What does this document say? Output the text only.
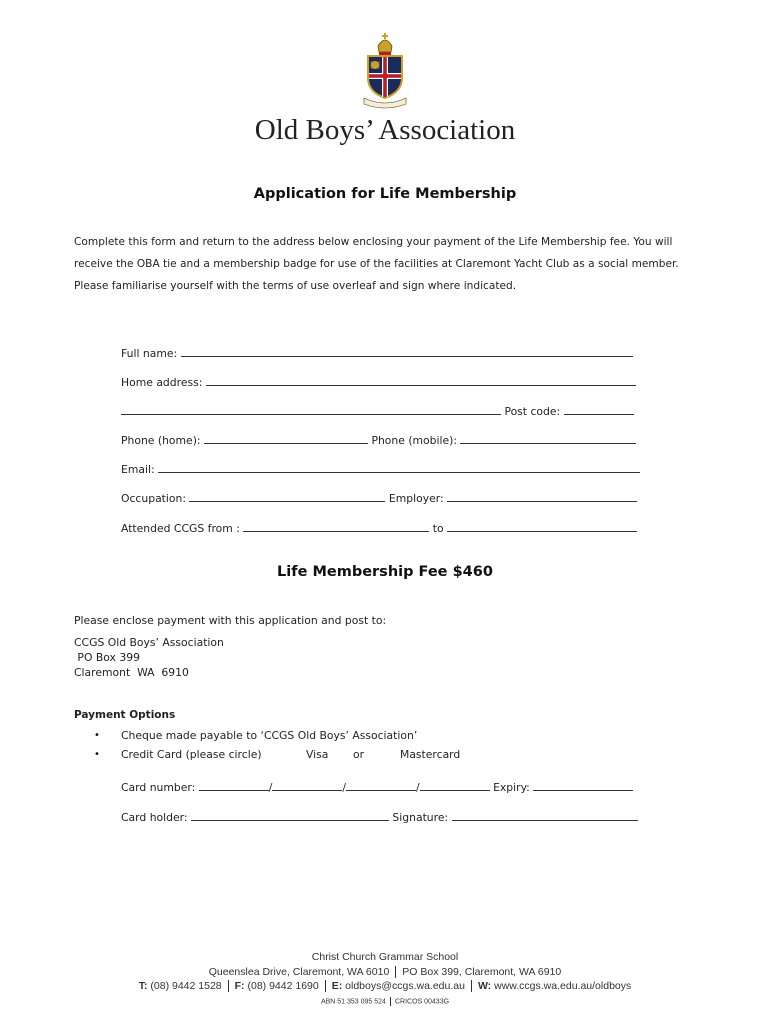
Old Boys’ Association
Application for Life Membership
Complete this form and return to the address below enclosing your payment of the Life Membership fee. You will
receive the OBA tie and a membership badge for use of the facilities at Claremont Yacht Club as a social member.
Please familiarise yourself with the terms of use overleaf and sign where indicated.
Full name:
Home address:
Post code:
Phone (home):	Phone (mobile):
Email:
Occupation:	Employer:
Attended CCGS from :	to
Life Membership Fee $460
Please enclose payment with this application and post to:
CCGS Old Boys’ Association
PO Box 399
Claremont  WA  6910
Payment Options
• Cheque made payable to ‘CCGS Old Boys’ Association’
• Credit Card (please circle)	Visa or	Mastercard
Card number:	/	/	/	Expiry:
Card holder:	Signature:
Christ Church Grammar School
Queenslea Drive, Claremont, WA 6010 PO Box 399, Claremont, WA 6910
T: (08) 9442 1528 F: (08) 9442 1690 E: oldboys@ccgs.wa.edu.au W: www.ccgs.wa.edu.au/oldboys
ABN 51 353 095 524 CRICOS 00433G
